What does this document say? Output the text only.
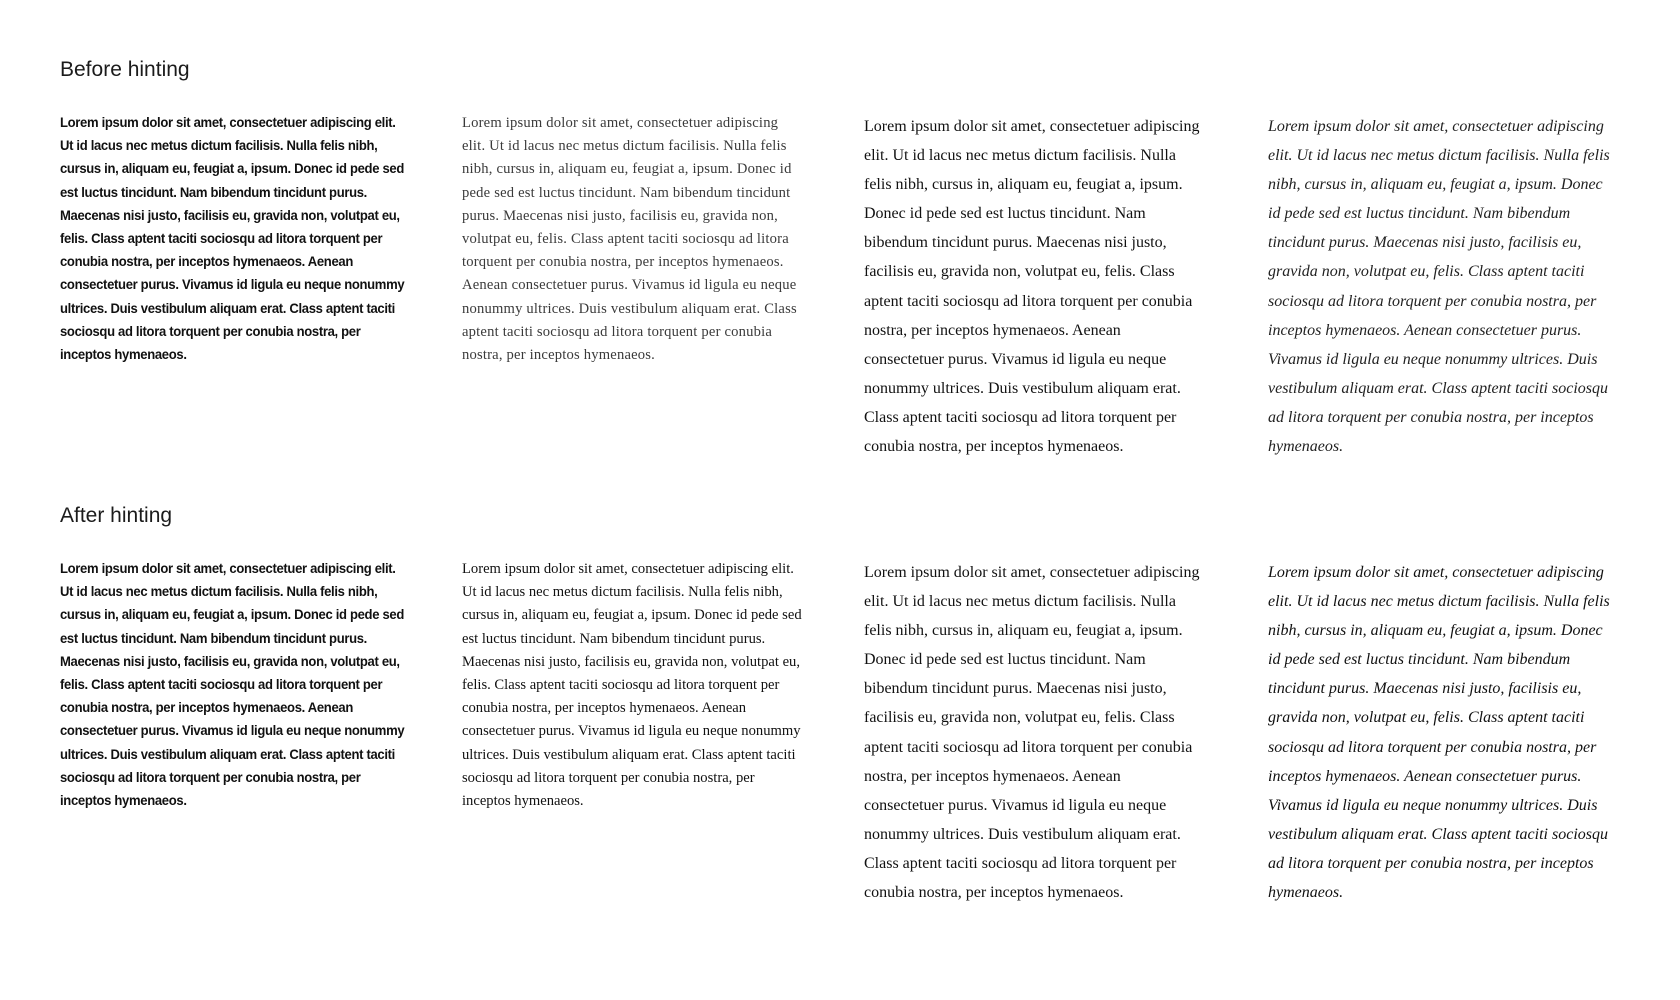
Before hinting

Lorem ipsum dolor sit amet, consectetuer adipiscing elit. Ut id lacus nec metus dictum facilisis. Nulla felis nibh, cursus in, aliquam eu, feugiat a, ipsum. Donec id pede sed est luctus tincidunt. Nam bibendum tincidunt purus. Maecenas nisi justo, facilisis eu, gravida non, volutpat eu, felis. Class aptent taciti sociosqu ad litora torquent per conubia nostra, per inceptos hymenaeos. Aenean consectetuer purus. Vivamus id ligula eu neque nonummy ultrices. Duis vestibulum aliquam erat. Class aptent taciti sociosqu ad litora torquent per conubia nostra, per inceptos hymenaeos.

Lorem ipsum dolor sit amet, consectetuer adipiscing elit. Ut id lacus nec metus dictum facilisis. Nulla felis nibh, cursus in, aliquam eu, feugiat a, ipsum. Donec id pede sed est luctus tincidunt. Nam bibendum tincidunt purus. Maecenas nisi justo, facilisis eu, gravida non, volutpat eu, felis. Class aptent taciti sociosqu ad litora torquent per conubia nostra, per inceptos hymenaeos. Aenean consectetuer purus. Vivamus id ligula eu neque nonummy ultrices. Duis vestibulum aliquam erat. Class aptent taciti sociosqu ad litora torquent per conubia nostra, per inceptos hymenaeos.

Lorem ipsum dolor sit amet, consectetuer adipiscing elit. Ut id lacus nec metus dictum facilisis. Nulla felis nibh, cursus in, aliquam eu, feugiat a, ipsum. Donec id pede sed est luctus tincidunt. Nam bibendum tincidunt purus. Maecenas nisi justo, facilisis eu, gravida non, volutpat eu, felis. Class aptent taciti sociosqu ad litora torquent per conubia nostra, per inceptos hymenaeos. Aenean consectetuer purus. Vivamus id ligula eu neque nonummy ultrices. Duis vestibulum aliquam erat. Class aptent taciti sociosqu ad litora torquent per conubia nostra, per inceptos hymenaeos.

Lorem ipsum dolor sit amet, consectetuer adipiscing elit. Ut id lacus nec metus dictum facilisis. Nulla felis nibh, cursus in, aliquam eu, feugiat a, ipsum. Donec id pede sed est luctus tincidunt. Nam bibendum tincidunt purus. Maecenas nisi justo, facilisis eu, gravida non, volutpat eu, felis. Class aptent taciti sociosqu ad litora torquent per conubia nostra, per inceptos hymenaeos. Aenean consectetuer purus. Vivamus id ligula eu neque nonummy ultrices. Duis vestibulum aliquam erat. Class aptent taciti sociosqu ad litora torquent per conubia nostra, per inceptos hymenaeos.

After hinting

Lorem ipsum dolor sit amet, consectetuer adipiscing elit. Ut id lacus nec metus dictum facilisis. Nulla felis nibh, cursus in, aliquam eu, feugiat a, ipsum. Donec id pede sed est luctus tincidunt. Nam bibendum tincidunt purus. Maecenas nisi justo, facilisis eu, gravida non, volutpat eu, felis. Class aptent taciti sociosqu ad litora torquent per conubia nostra, per inceptos hymenaeos. Aenean consectetuer purus. Vivamus id ligula eu neque nonummy ultrices. Duis vestibulum aliquam erat. Class aptent taciti sociosqu ad litora torquent per conubia nostra, per inceptos hymenaeos.

Lorem ipsum dolor sit amet, consectetuer adipiscing elit. Ut id lacus nec metus dictum facilisis. Nulla felis nibh, cursus in, aliquam eu, feugiat a, ipsum. Donec id pede sed est luctus tincidunt. Nam bibendum tincidunt purus. Maecenas nisi justo, facilisis eu, gravida non, volutpat eu, felis. Class aptent taciti sociosqu ad litora torquent per conubia nostra, per inceptos hymenaeos. Aenean consectetuer purus. Vivamus id ligula eu neque nonummy ultrices. Duis vestibulum aliquam erat. Class aptent taciti sociosqu ad litora torquent per conubia nostra, per inceptos hymenaeos.

Lorem ipsum dolor sit amet, consectetuer adipiscing elit. Ut id lacus nec metus dictum facilisis. Nulla felis nibh, cursus in, aliquam eu, feugiat a, ipsum. Donec id pede sed est luctus tincidunt. Nam bibendum tincidunt purus. Maecenas nisi justo, facilisis eu, gravida non, volutpat eu, felis. Class aptent taciti sociosqu ad litora torquent per conubia nostra, per inceptos hymenaeos. Aenean consectetuer purus. Vivamus id ligula eu neque nonummy ultrices. Duis vestibulum aliquam erat. Class aptent taciti sociosqu ad litora torquent per conubia nostra, per inceptos hymenaeos.

Lorem ipsum dolor sit amet, consectetuer adipiscing elit. Ut id lacus nec metus dictum facilisis. Nulla felis nibh, cursus in, aliquam eu, feugiat a, ipsum. Donec id pede sed est luctus tincidunt. Nam bibendum tincidunt purus. Maecenas nisi justo, facilisis eu, gravida non, volutpat eu, felis. Class aptent taciti sociosqu ad litora torquent per conubia nostra, per inceptos hymenaeos. Aenean consectetuer purus. Vivamus id ligula eu neque nonummy ultrices. Duis vestibulum aliquam erat. Class aptent taciti sociosqu ad litora torquent per conubia nostra, per inceptos hymenaeos.
